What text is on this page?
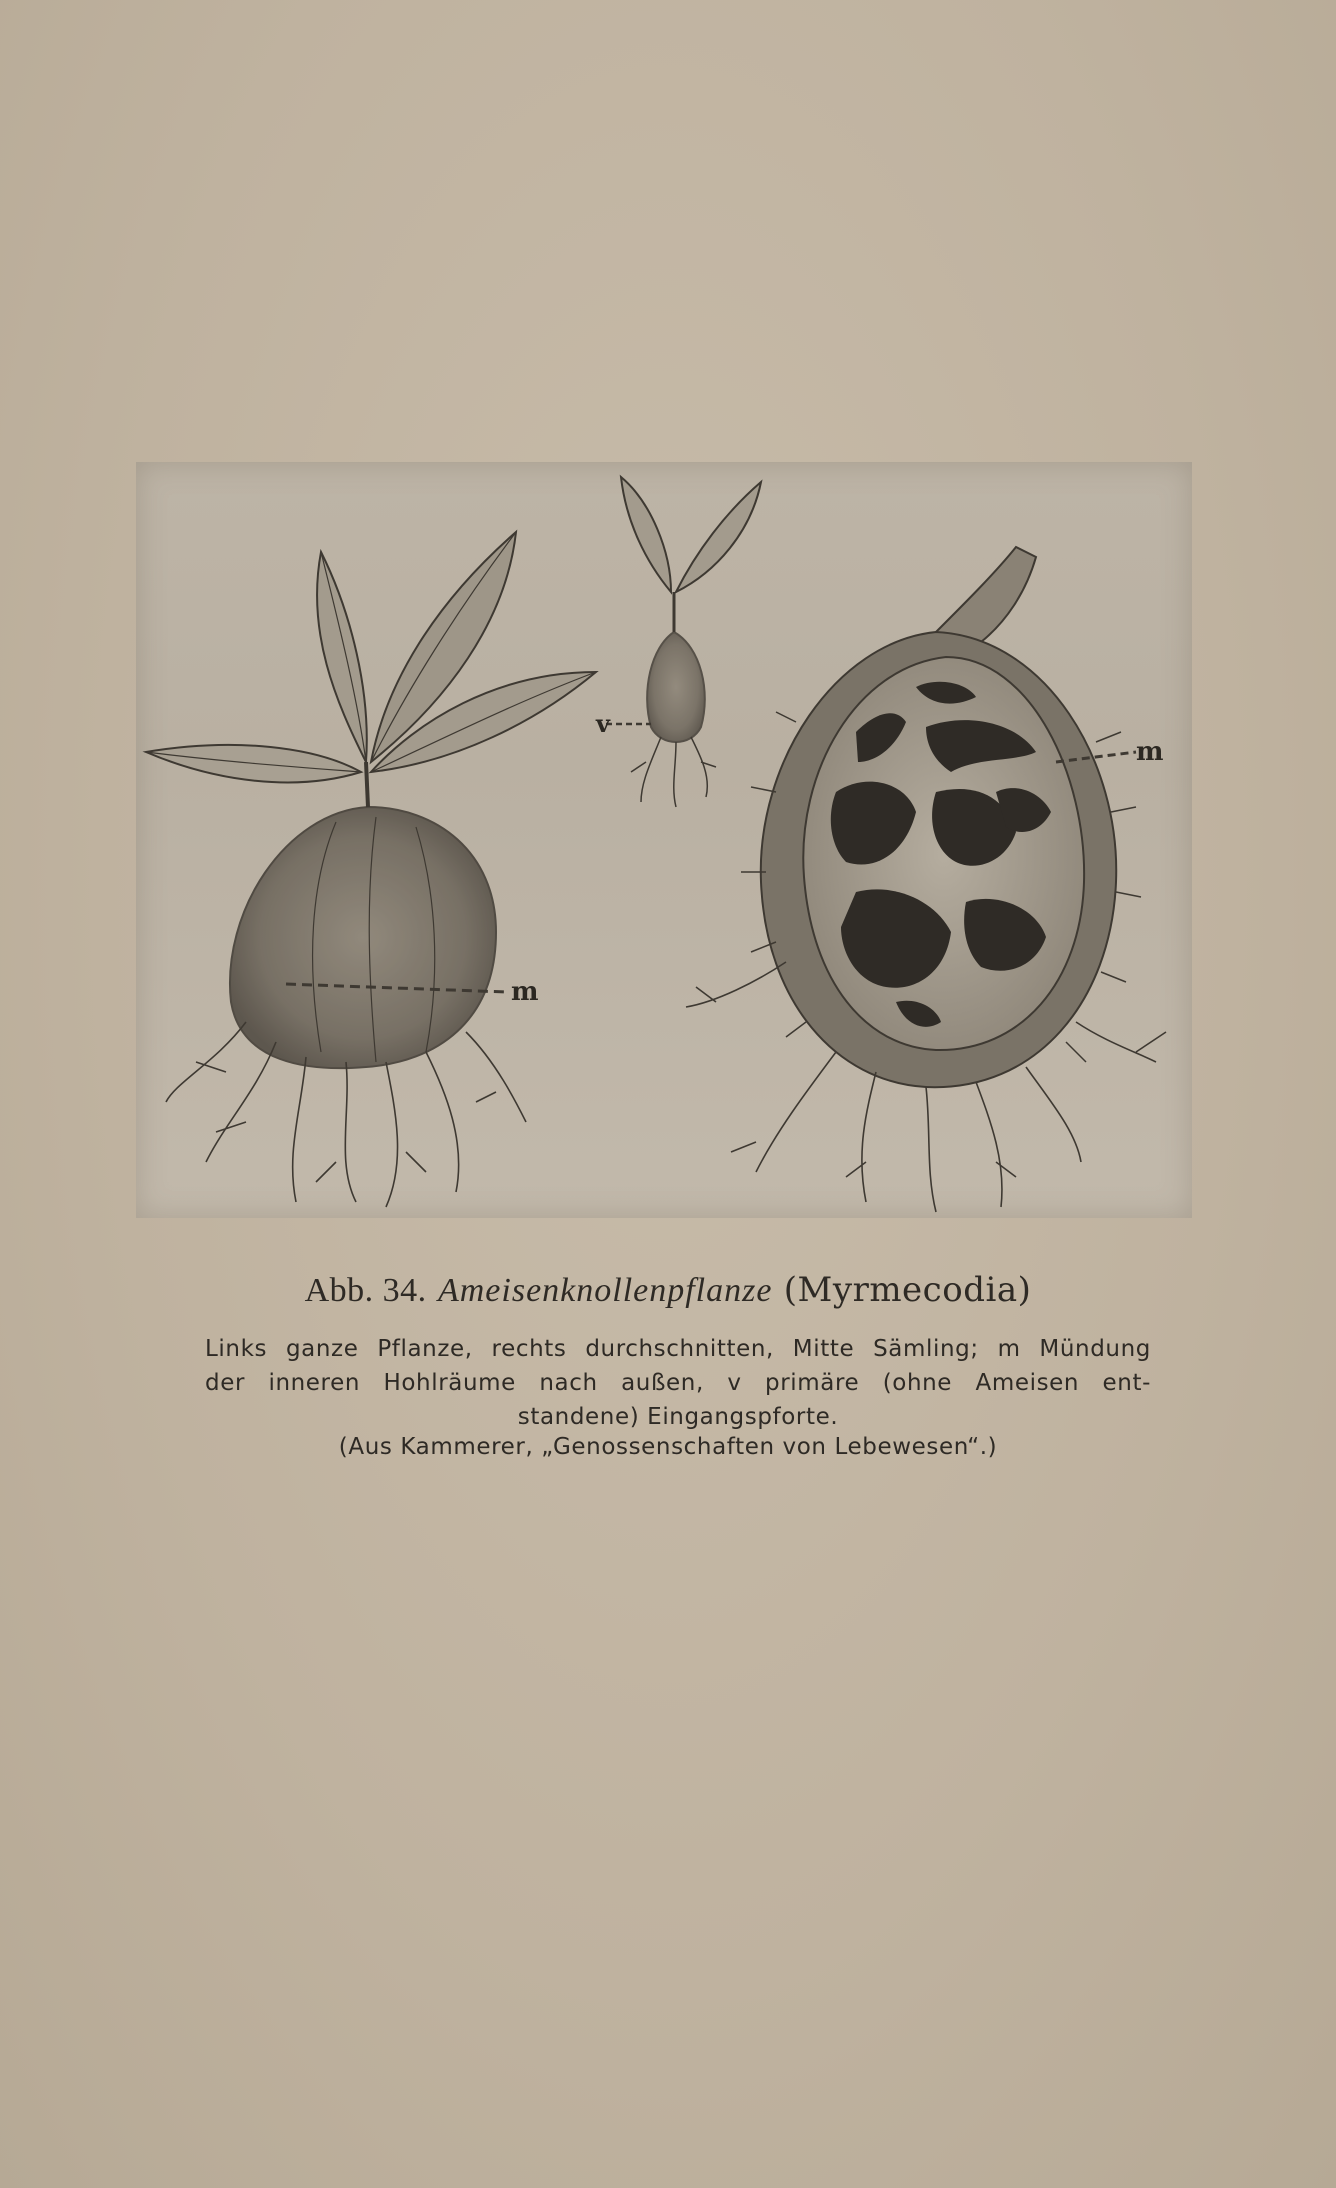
m
v
m
Abb. 34. Ameisenknollenpflanze (Myrmecodia)
Links ganze Pflanze, rechts durchschnitten, Mitte Sämling; m Mündung
der inneren Hohlräume nach außen, v primäre (ohne Ameisen ent-
standene) Eingangspforte.
(Aus Kammerer, „Genossenschaften von Lebewesen“.)
